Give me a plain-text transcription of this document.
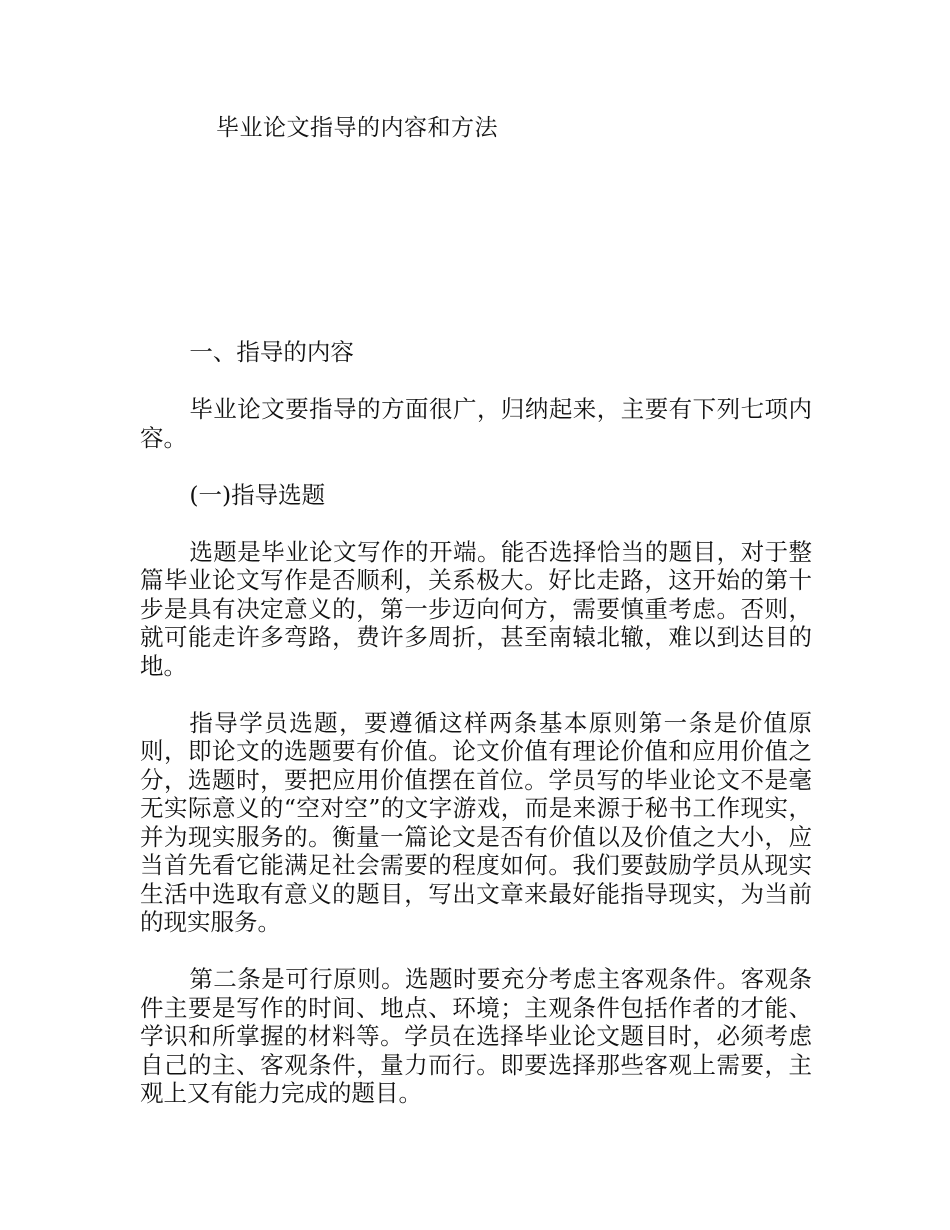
毕业论文指导的内容和方法

一、指导的内容

毕业论文要指导的方面很广，归纳起来，主要有下列七项内容。

(一)指导选题

选题是毕业论文写作的开端。能否选择恰当的题目，对于整篇毕业论文写作是否顺利，关系极大。好比走路，这开始的第十步是具有决定意义的，第一步迈向何方，需要慎重考虑。否则，就可能走许多弯路，费许多周折，甚至南辕北辙，难以到达目的地。

指导学员选题，要遵循这样两条基本原则第一条是价值原则，即论文的选题要有价值。论文价值有理论价值和应用价值之分，选题时，要把应用价值摆在首位。学员写的毕业论文不是毫无实际意义的“空对空”的文字游戏，而是来源于秘书工作现实，并为现实服务的。衡量一篇论文是否有价值以及价值之大小，应当首先看它能满足社会需要的程度如何。我们要鼓励学员从现实生活中选取有意义的题目，写出文章来最好能指导现实，为当前的现实服务。

第二条是可行原则。选题时要充分考虑主客观条件。客观条件主要是写作的时间、地点、环境；主观条件包括作者的才能、学识和所掌握的材料等。学员在选择毕业论文题目时，必须考虑自己的主、客观条件，量力而行。即要选择那些客观上需要，主观上又有能力完成的题目。
